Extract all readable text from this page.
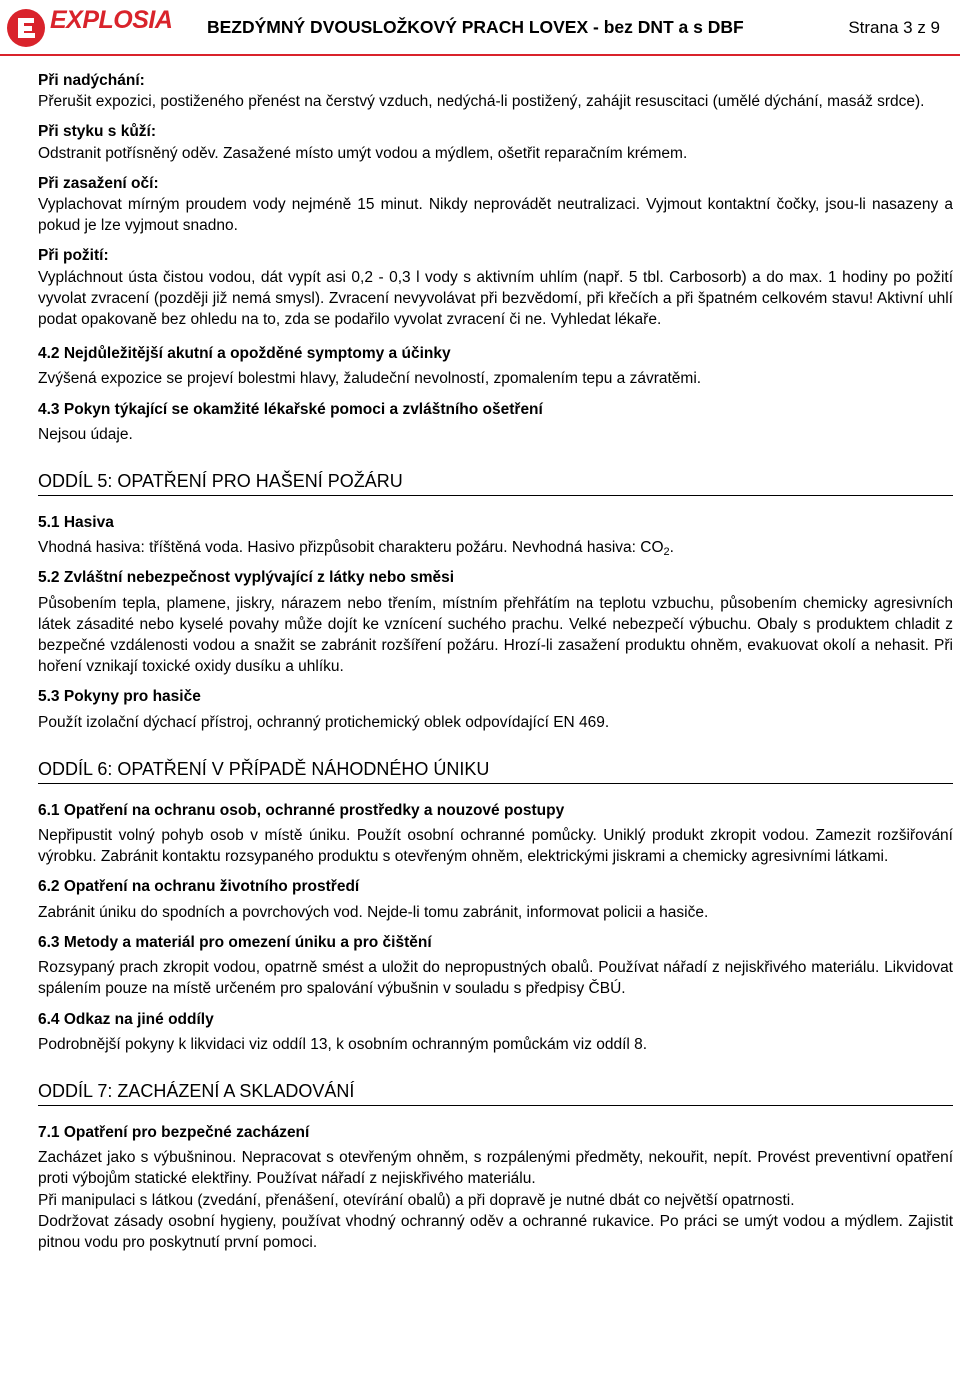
EXPLOSIA BEZDÝMNÝ DVOUSLOŽKOVÝ PRACH LOVEX - bez DNT a s DBF	Strana 3 z 9
Při nadýchání:
Přerušit expozici, postiženého přenést na čerstvý vzduch, nedýchá-li postižený, zahájit resuscitaci (umělé dýchání, masáž srdce).
Při styku s kůží:
Odstranit potřísněný oděv. Zasažené místo umýt vodou a mýdlem, ošetřit reparačním krémem.
Při zasažení očí:
Vyplachovat mírným proudem vody nejméně 15 minut. Nikdy neprovádět neutralizaci. Vyjmout kontaktní čočky, jsou-li nasazeny a pokud je lze vyjmout snadno.
Při požití:
Vypláchnout ústa čistou vodou, dát vypít asi 0,2 - 0,3 l vody s aktivním uhlím (např. 5 tbl. Carbosorb) a do max. 1 hodiny po požití vyvolat zvracení (později již nemá smysl). Zvracení nevyvolávat při bezvědomí, při křečích a při špatném celkovém stavu! Aktivní uhlí podat opakovaně bez ohledu na to, zda se podařilo vyvolat zvracení či ne. Vyhledat lékaře.
4.2 Nejdůležitější akutní a opožděné symptomy a účinky
Zvýšená expozice se projeví bolestmi hlavy, žaludeční nevolností, zpomalením tepu a závratěmi.
4.3 Pokyn týkající se okamžité lékařské pomoci a zvláštního ošetření
Nejsou údaje.
ODDÍL 5: OPATŘENÍ PRO HAŠENÍ POŽÁRU
5.1 Hasiva
Vhodná hasiva: tříštěná voda. Hasivo přizpůsobit charakteru požáru. Nevhodná hasiva: $CO_2$.
5.2 Zvláštní nebezpečnost vyplývající z látky nebo směsi
Působením tepla, plamene, jiskry, nárazem nebo třením, místním přehřátím na teplotu vzbuchu, působením chemicky agresivních látek zásadité nebo kyselé povahy může dojít ke vznícení suchého prachu. Velké nebezpečí výbuchu. Obaly s produktem chladit z bezpečné vzdálenosti vodou a snažit se zabránit rozšíření požáru. Hrozí-li zasažení produktu ohněm, evakuovat okolí a nehasit. Při hoření vznikají toxické oxidy dusíku a uhlíku.
5.3 Pokyny pro hasiče
Použít izolační dýchací přístroj, ochranný protichemický oblek odpovídající EN 469.
ODDÍL 6: OPATŘENÍ V PŘÍPADĚ NÁHODNÉHO ÚNIKU
6.1 Opatření na ochranu osob, ochranné prostředky a nouzové postupy
Nepřipustit volný pohyb osob v místě úniku. Použít osobní ochranné pomůcky. Uniklý produkt zkropit vodou. Zamezit rozšiřování výrobku. Zabránit kontaktu rozsypaného produktu s otevřeným ohněm, elektrickými jiskrami a chemicky agresivními látkami.
6.2 Opatření na ochranu životního prostředí
Zabránit úniku do spodních a povrchových vod. Nejde-li tomu zabránit, informovat policii a hasiče.
6.3 Metody a materiál pro omezení úniku a pro čištění
Rozsypaný prach zkropit vodou, opatrně smést a uložit do nepropustných obalů. Používat nářadí z nejiskřivého materiálu. Likvidovat spálením pouze na místě určeném pro spalování výbušnin v souladu s předpisy ČBÚ.
6.4 Odkaz na jiné oddíly
Podrobnější pokyny k likvidaci viz oddíl 13, k osobním ochranným pomůckám viz oddíl 8.
ODDÍL 7: ZACHÁZENÍ A SKLADOVÁNÍ
7.1 Opatření pro bezpečné zacházení
Zacházet jako s výbušninou. Nepracovat s otevřeným ohněm, s rozpálenými předměty, nekouřit, nepít. Provést preventivní opatření proti výbojům statické elektřiny. Používat nářadí z nejiskřivého materiálu.
Při manipulaci s látkou (zvedání, přenášení, otevírání obalů) a při dopravě je nutné dbát co největší opatrnosti.
Dodržovat zásady osobní hygieny, používat vhodný ochranný oděv a ochranné rukavice. Po práci se umýt vodou a mýdlem. Zajistit pitnou vodu pro poskytnutí první pomoci.
